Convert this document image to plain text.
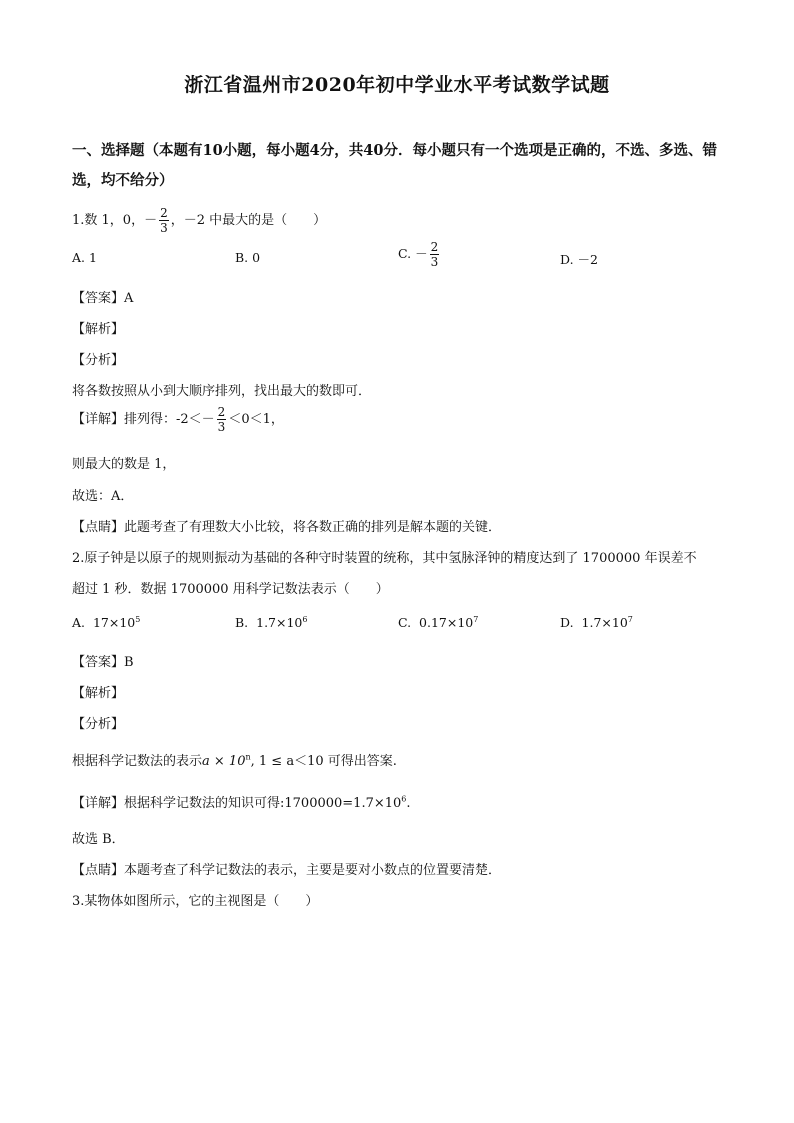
浙江省温州市2020年初中学业水平考试数学试题
一、选择题（本题有10小题，每小题4分，共40分．每小题只有一个选项是正确的，不选、多选、错选，均不给分）
1.数 1，0，－ $\frac{2}{3}$ ，－2 中最大的是（　　）
A. 1	B. 0	C. － $\frac{2}{3}$	D. －2
【答案】A
【解析】
【分析】
将各数按照从小到大顺序排列，找出最大的数即可．
【详解】排列得：$-2<- \frac{2}{3} <0<1$，
则最大的数是 1，
故选：A．
【点睛】此题考查了有理数大小比较，将各数正确的排列是解本题的关键．
2.原子钟是以原子的规则振动为基础的各种守时装置的统称，其中氢脉泽钟的精度达到了 1700000 年误差不
超过 1 秒．数据 1700000 用科学记数法表示（　　）
A. $17\times 10^5$	B. $1.7\times 10^6$	C. $0.17\times 10^7$	D. $1.7\times 10^7$
【答案】B
【解析】
【分析】
根据科学记数法的表示$a \times 10^n$, 1 ≤ a＜10 可得出答案.
【详解】根据科学记数法的知识可得$:1700000=1.7\times 10^6$.
故选 B．
【点睛】本题考查了科学记数法的表示，主要是要对小数点的位置要清楚．
3.某物体如图所示，它的主视图是（　　）
